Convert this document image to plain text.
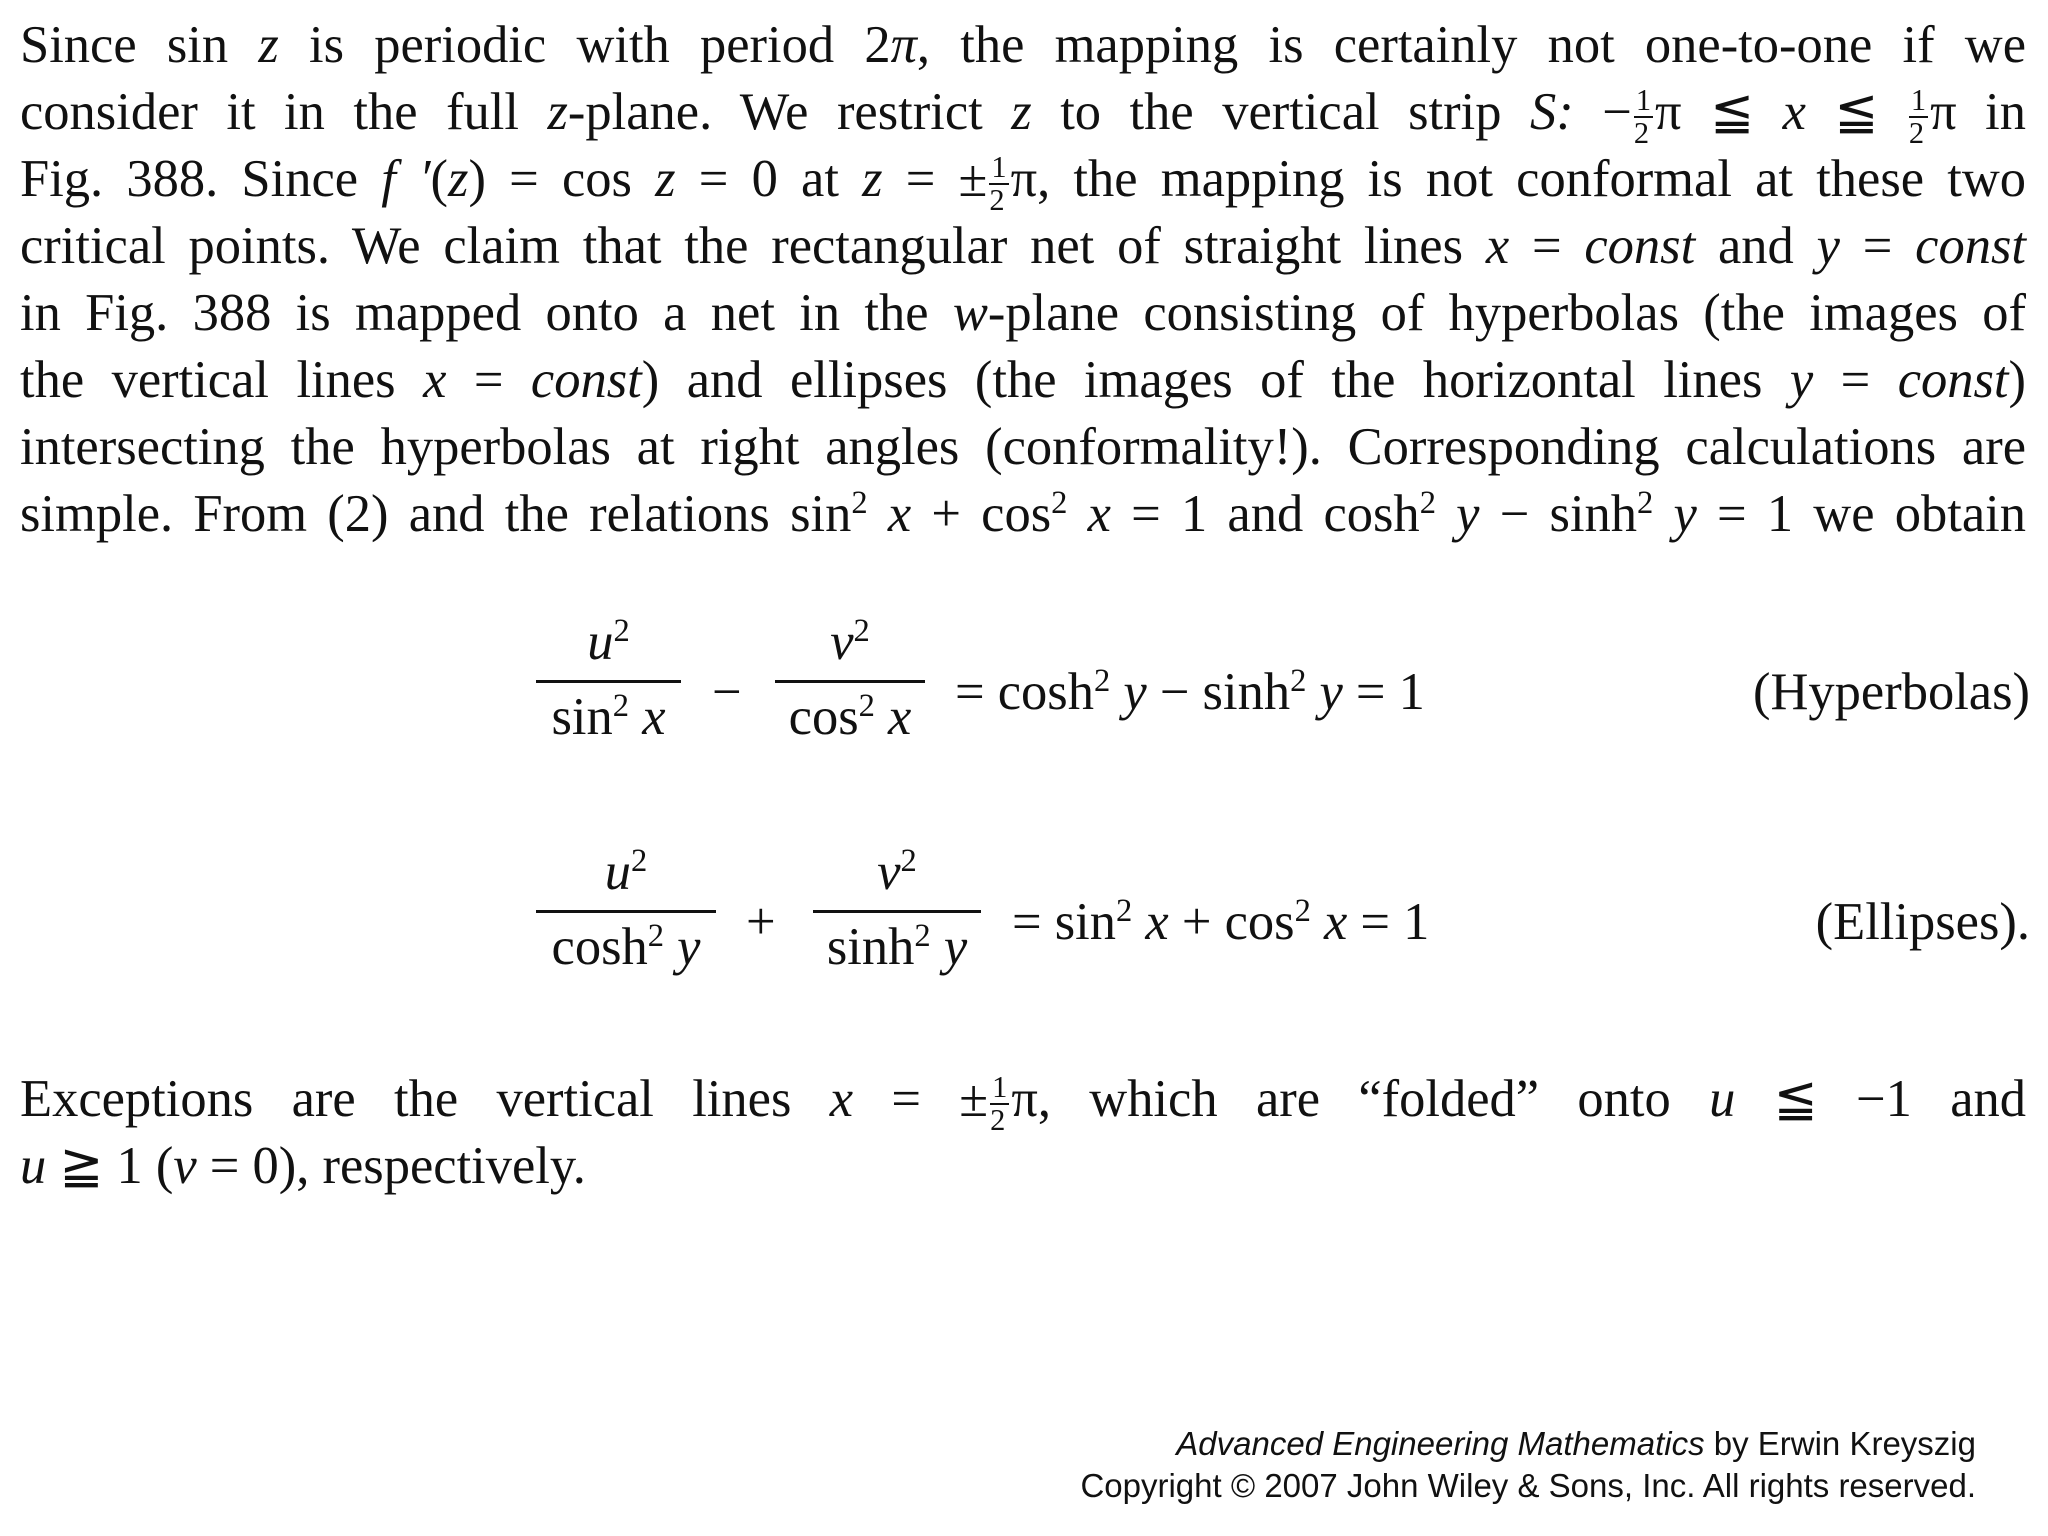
Since sin z is periodic with period 2π, the mapping is certainly not one-to-one if we
consider it in the full z-plane. We restrict z to the vertical strip S: − $\frac{1}{2}$ π ≦ x ≦ $\frac{1}{2}$ π in
Fig. 388. Since f ′(z) = cos z = 0 at z = ± $\frac{1}{2} \pi$, the mapping is not conformal at these two
critical points. We claim that the rectangular net of straight lines x = const and y = const
in Fig. 388 is mapped onto a net in the w-plane consisting of hyperbolas (the images of
the vertical lines x = const) and ellipses (the images of the horizontal lines y = const)
intersecting the hyperbolas at right angles (conformality!). Corresponding calculations are
simple. From (2) and the relations $\sin^2 x + \cos^2 x = 1$ and $\cosh^2 y - \sinh^2 y = 1$ we obtain
$u^2$
$\sin^2 x$ −
$v^2$
$\cos^2 x = \cosh^2 y - \sinh^2 y = 1$	(Hyperbolas)
$u^2$
$\cosh^2 y$ +
$v^2$
$\sinh^2 y = \sin^2 x + \cos^2 x = 1$	(Ellipses).
Exceptions are the vertical lines x = ± $\frac{1}{2} \pi$, which are “folded” onto u ≦ −1 and
u ≧ 1 (v = 0), respectively.
Advanced Engineering Mathematics by Erwin Kreyszig
Copyright © 2007 John Wiley & Sons, Inc. All rights reserved.
